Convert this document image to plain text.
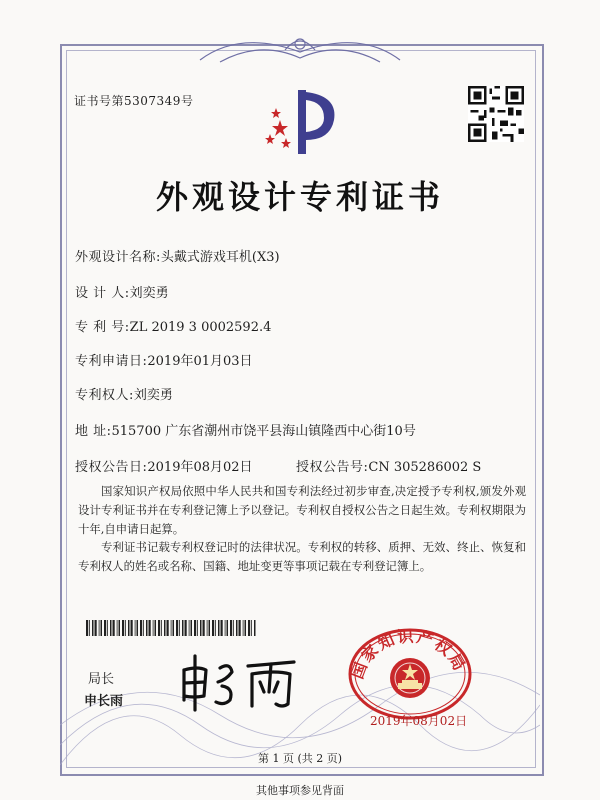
证书号第5307349号
外观设计专利证书
外观设计名称:头戴式游戏耳机(X3)
设 计 人:刘奕勇
专 利 号:ZL 2019 3 0002592.4
专利申请日:2019年01月03日
专利权人:刘奕勇
地 址:515700 广东省潮州市饶平县海山镇隆西中心街10号
授权公告日:2019年08月02日	授权公告号:CN 305286002 S
国家知识产权局依照中华人民共和国专利法经过初步审查,决定授予专利权,颁发外观设计专利证书并在专利登记簿上予以登记。专利权自授权公告之日起生效。专利权期限为十年,自申请日起算。
专利证书记载专利权登记时的法律状况。专利权的转移、质押、无效、终止、恢复和专利权人的姓名或名称、国籍、地址变更等事项记载在专利登记簿上。
局长
申长雨
国家知识产权局
2019年08月02日
第 1 页 (共 2 页)
其他事项参见背面
